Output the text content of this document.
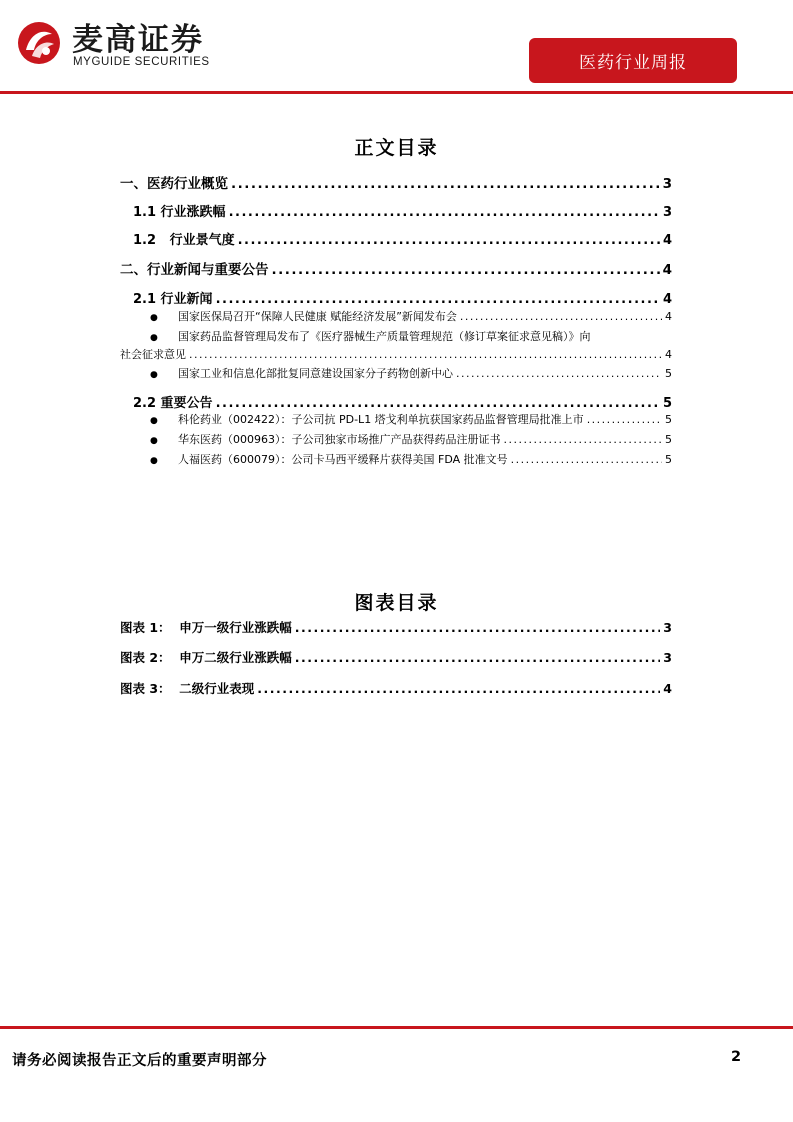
麦高证券
MYGUIDE SECURITIES	医药行业周报
正文目录
一、医药行业概览 .....	3
1.1 行业涨跌幅 .....	3
1.2   行业景气度 .....	4
二、行业新闻与重要公告 .....	4
2.1 行业新闻 .....	4
● 国家医保局召开“保障人民健康 赋能经济发展”新闻发布会 .....	4
● 国家药品监督管理局发布了《医疗器械生产质量管理规范（修订草案征求意见稿）》向
社会征求意见 .....	4
● 国家工业和信息化部批复同意建设国家分子药物创新中心 .....	5
2.2 重要公告 .....	5
● 科伦药业（002422）：子公司抗 PD-L1 塔戈利单抗获国家药品监督管理局批准上市 .....	5
● 华东医药（000963）：子公司独家市场推广产品获得药品注册证书 .....	5
● 人福医药（600079）：公司卡马西平缓释片获得美国 FDA 批准文号 .....	5
图表目录
图表 1：  申万一级行业涨跌幅 .....	3
图表 2：  申万二级行业涨跌幅 .....	3
图表 3：  二级行业表现 .....	4
请务必阅读报告正文后的重要声明部分	2
